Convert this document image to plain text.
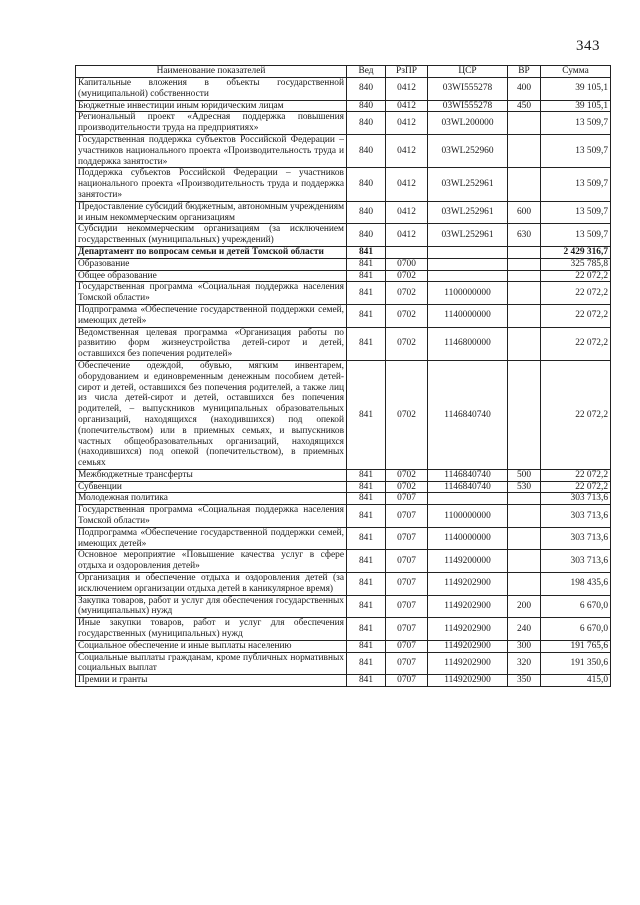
343
Наименование показателей	Вед	РзПР	ЦСР	ВР	Сумма
Капитальные вложения в объекты государственной (муниципальной) собственности	840	0412	03WI555278	400	39 105,1
Бюджетные инвестиции иным юридическим лицам	840	0412	03WI555278	450	39 105,1
Региональный проект «Адресная поддержка повышения производительности труда на предприятиях»	840	0412	03WL200000		13 509,7
Государственная поддержка субъектов Российской Федерации – участников национального проекта «Производительность труда и поддержка занятости»	840	0412	03WL252960		13 509,7
Поддержка субъектов Российской Федерации – участников национального проекта «Производительность труда и поддержка занятости»	840	0412	03WL252961		13 509,7
Предоставление субсидий бюджетным, автономным учреждениям и иным некоммерческим организациям	840	0412	03WL252961	600	13 509,7
Субсидии некоммерческим организациям (за исключением государственных (муниципальных) учреждений)	840	0412	03WL252961	630	13 509,7
Департамент по вопросам семьи и детей Томской области	841				2 429 316,7
Образование	841	0700			325 785,8
Общее образование	841	0702			22 072,2
Государственная программа «Социальная поддержка населения Томской области»	841	0702	1100000000		22 072,2
Подпрограмма «Обеспечение государственной поддержки семей, имеющих детей»	841	0702	1140000000		22 072,2
Ведомственная целевая программа «Организация работы по развитию форм жизнеустройства детей-сирот и детей, оставшихся без попечения родителей»	841	0702	1146800000		22 072,2
Обеспечение одеждой, обувью, мягким инвентарем, оборудованием и единовременным денежным пособием детей-сирот и детей, оставшихся без попечения родителей, а также лиц из числа детей-сирот и детей, оставшихся без попечения родителей, – выпускников муниципальных образовательных организаций, находящихся (находившихся) под опекой (попечительством) или в приемных семьях, и выпускников частных общеобразовательных организаций, находящихся (находившихся) под опекой (попечительством), в приемных семьях	841	0702	1146840740		22 072,2
Межбюджетные трансферты	841	0702	1146840740	500	22 072,2
Субвенции	841	0702	1146840740	530	22 072,2
Молодежная политика	841	0707			303 713,6
Государственная программа «Социальная поддержка населения Томской области»	841	0707	1100000000		303 713,6
Подпрограмма «Обеспечение государственной поддержки семей, имеющих детей»	841	0707	1140000000		303 713,6
Основное мероприятие «Повышение качества услуг в сфере отдыха и оздоровления детей»	841	0707	1149200000		303 713,6
Организация и обеспечение отдыха и оздоровления детей (за исключением организации отдыха детей в каникулярное время)	841	0707	1149202900		198 435,6
Закупка товаров, работ и услуг для обеспечения государственных (муниципальных) нужд	841	0707	1149202900	200	6 670,0
Иные закупки товаров, работ и услуг для обеспечения государственных (муниципальных) нужд	841	0707	1149202900	240	6 670,0
Социальное обеспечение и иные выплаты населению	841	0707	1149202900	300	191 765,6
Социальные выплаты гражданам, кроме публичных нормативных социальных выплат	841	0707	1149202900	320	191 350,6
Премии и гранты	841	0707	1149202900	350	415,0
